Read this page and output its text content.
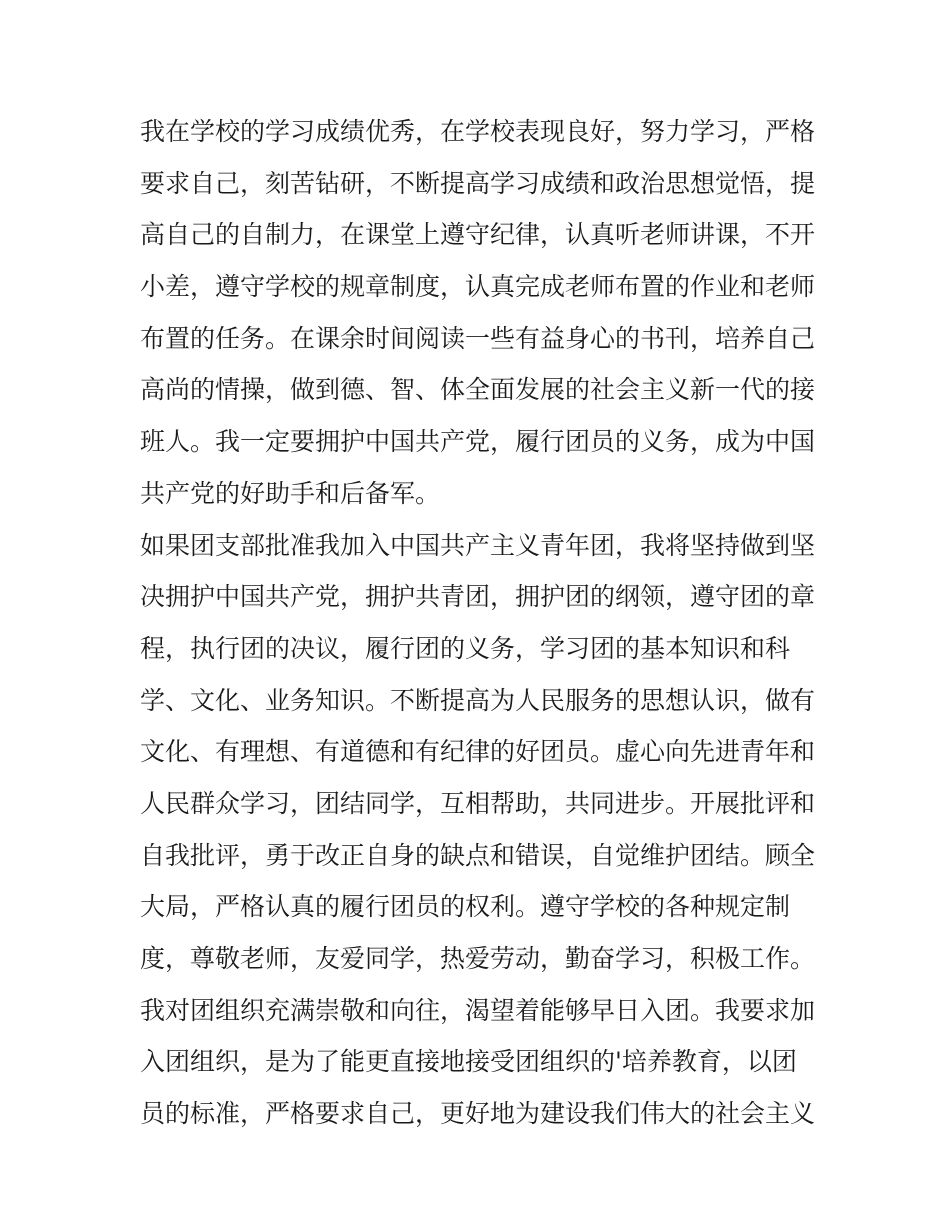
我在学校的学习成绩优秀，在学校表现良好，努力学习，严格
要求自己，刻苦钻研，不断提高学习成绩和政治思想觉悟，提
高自己的自制力，在课堂上遵守纪律，认真听老师讲课，不开
小差，遵守学校的规章制度，认真完成老师布置的作业和老师
布置的任务。在课余时间阅读一些有益身心的书刊，培养自己
高尚的情操，做到德、智、体全面发展的社会主义新一代的接
班人。我一定要拥护中国共产党，履行团员的义务，成为中国
共产党的好助手和后备军。
如果团支部批准我加入中国共产主义青年团，我将坚持做到坚
决拥护中国共产党，拥护共青团，拥护团的纲领，遵守团的章
程，执行团的决议，履行团的义务，学习团的基本知识和科
学、文化、业务知识。不断提高为人民服务的思想认识，做有
文化、有理想、有道德和有纪律的好团员。虚心向先进青年和
人民群众学习，团结同学，互相帮助，共同进步。开展批评和
自我批评，勇于改正自身的缺点和错误，自觉维护团结。顾全
大局，严格认真的履行团员的权利。遵守学校的各种规定制
度，尊敬老师，友爱同学，热爱劳动，勤奋学习，积极工作。
我对团组织充满崇敬和向往，渴望着能够早日入团。我要求加
入团组织，是为了能更直接地接受团组织的'培养教育，以团
员的标准，严格要求自己，更好地为建设我们伟大的社会主义
